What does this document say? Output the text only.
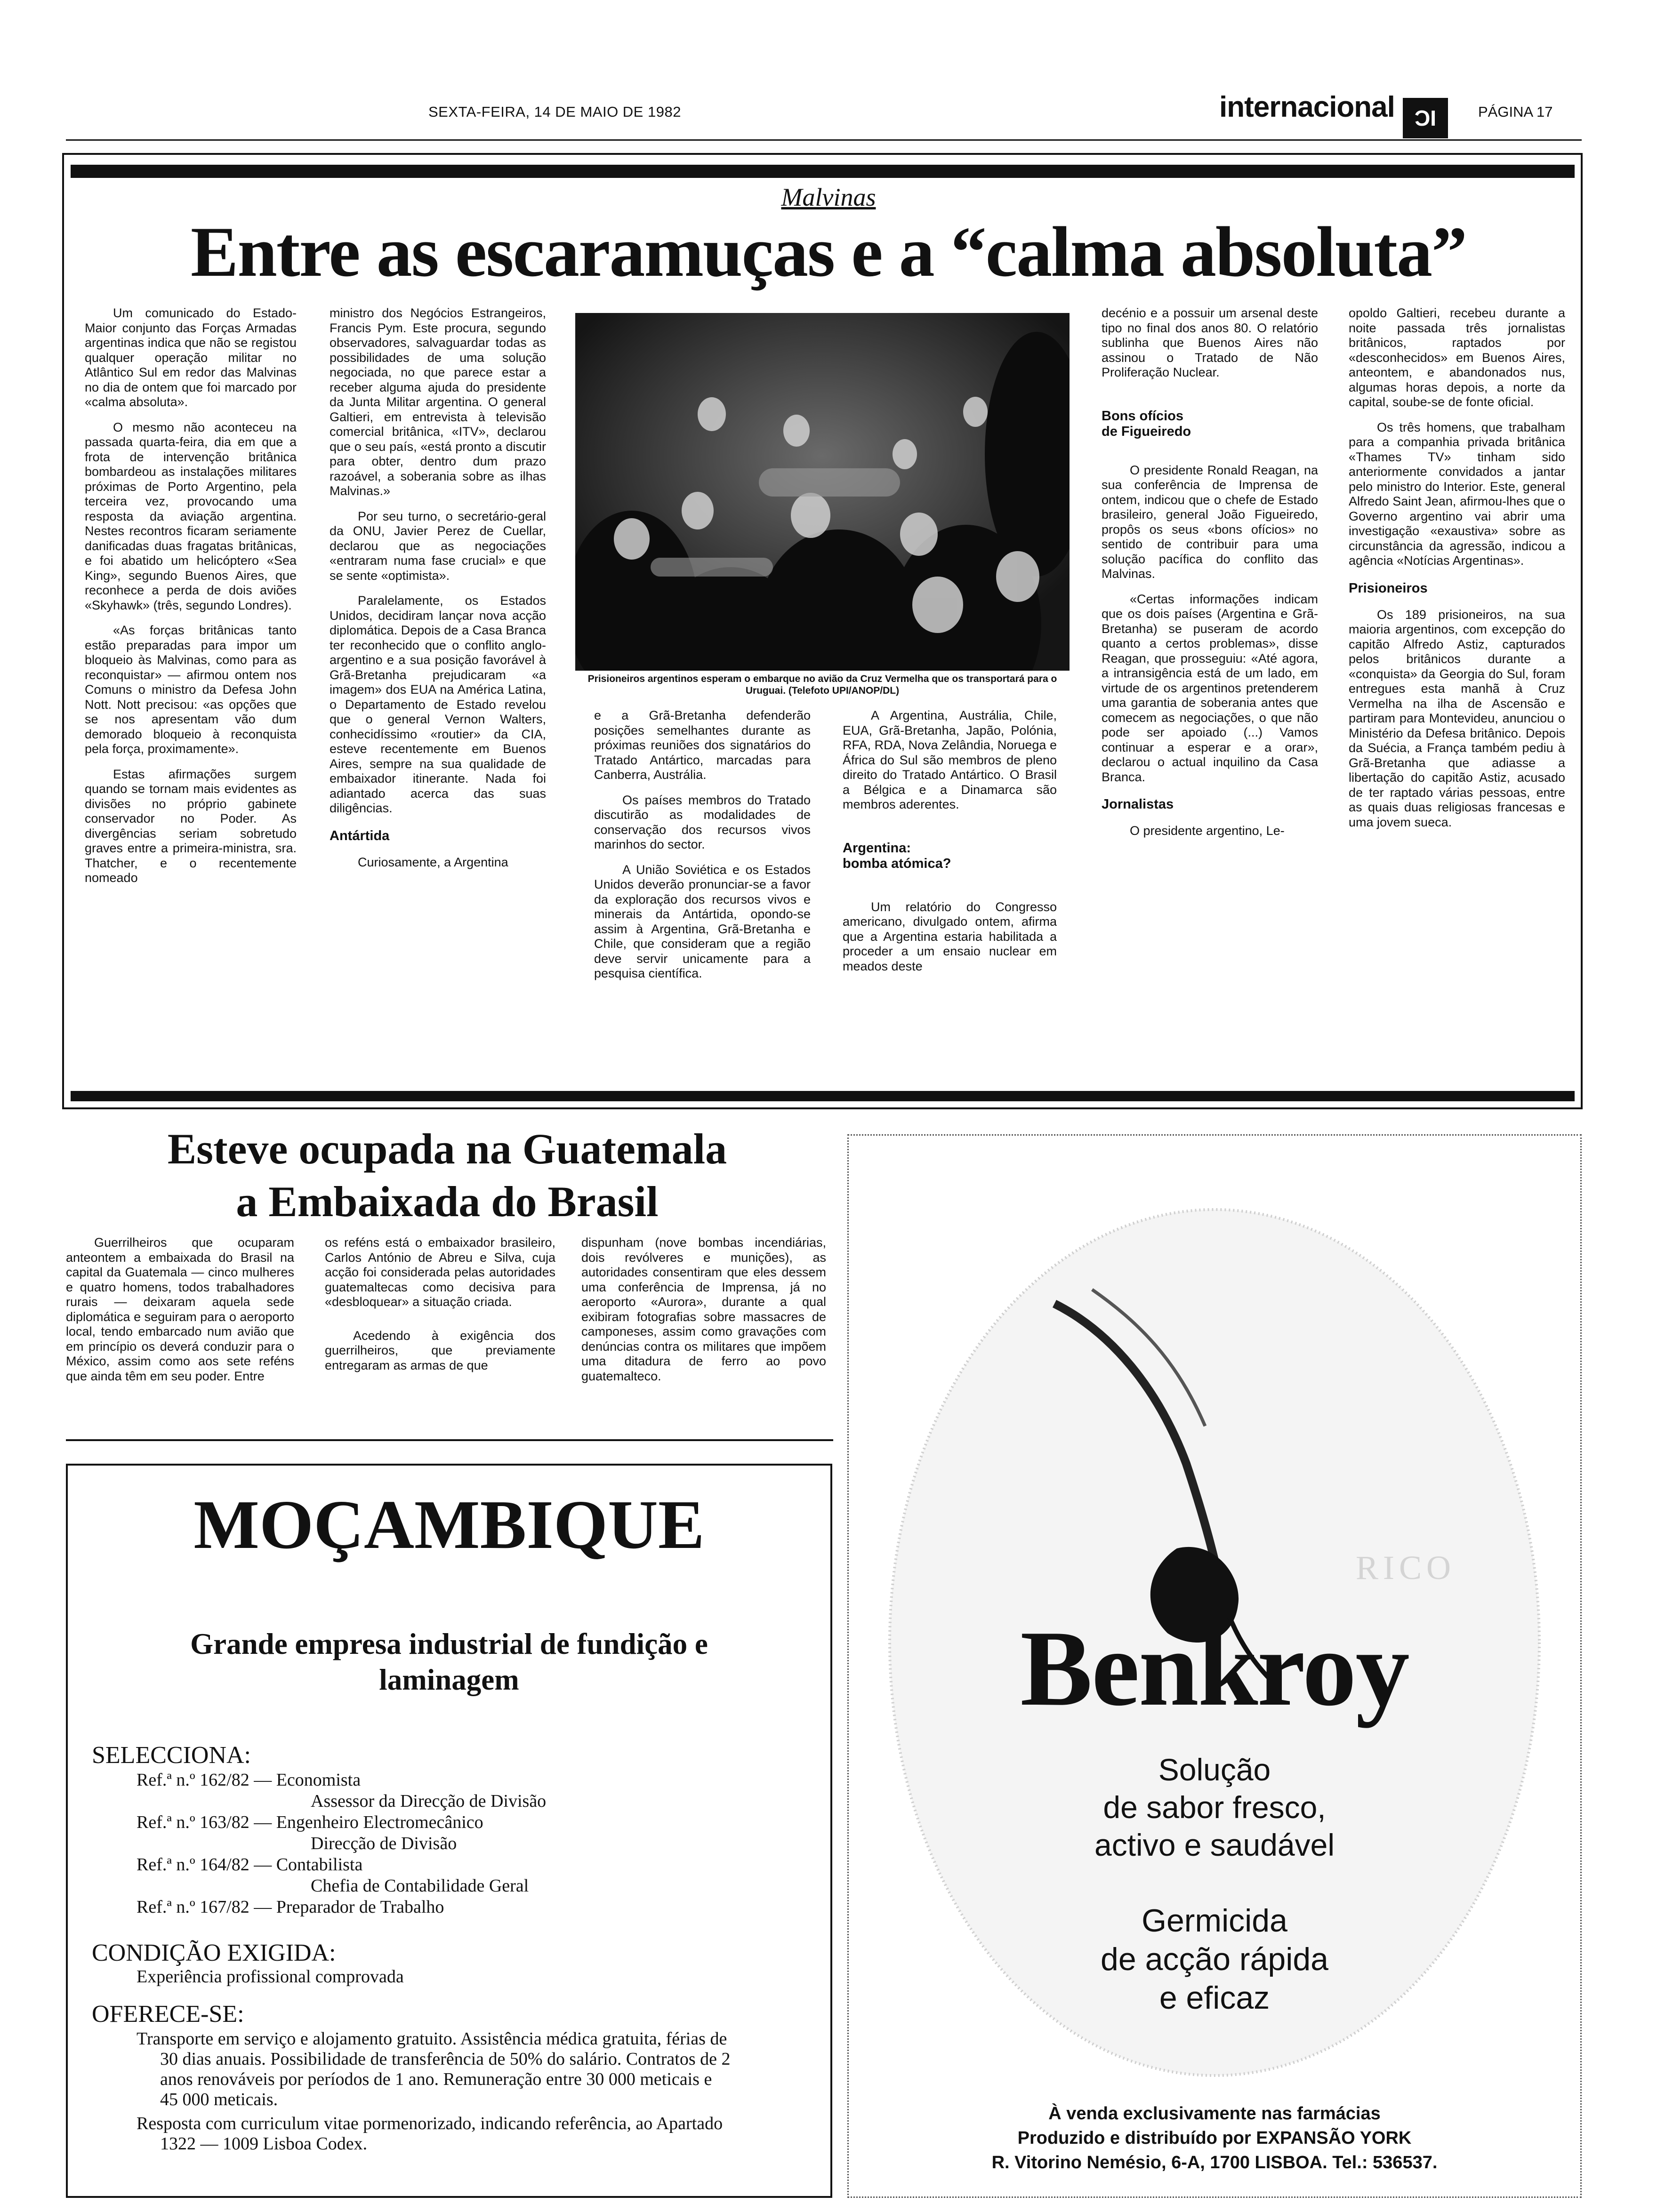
SEXTA-FEIRA, 14 DE MAIO DE 1982	internacional ƆƖ	PÁGINA 17
Malvinas
Entre as escaramuças e a “calma absoluta”

Um comunicado do Estado-Maior conjunto das Forças Armadas argentinas indica que não se registou qualquer operação militar no Atlântico Sul em redor das Malvinas no dia de ontem que foi marcado por «calma absoluta».

O mesmo não aconteceu na passada quarta-feira, dia em que a frota de intervenção britânica bombardeou as instalações militares próximas de Porto Argentino, pela terceira vez, provocando uma resposta da aviação argentina. Nestes recontros ficaram seriamente danificadas duas fragatas britânicas, e foi abatido um helicóptero «Sea King», segundo Buenos Aires, que reconhece a perda de dois aviões «Skyhawk» (três, segundo Londres).

«As forças britânicas tanto estão preparadas para impor um bloqueio às Malvinas, como para as reconquistar» — afirmou ontem nos Comuns o ministro da Defesa John Nott. Nott precisou: «as opções que se nos apresentam vão dum demorado bloqueio à reconquista pela força, proximamente».

Estas afirmações surgem quando se tornam mais evidentes as divisões no próprio gabinete conservador no Poder. As divergências seriam sobretudo graves entre a primeira-ministra, sra. Thatcher, e o recentemente nomeado

ministro dos Negócios Estrangeiros, Francis Pym. Este procura, segundo observadores, salvaguardar todas as possibilidades de uma solução negociada, no que parece estar a receber alguma ajuda do presidente da Junta Militar argentina. O general Galtieri, em entrevista à televisão comercial britânica, «ITV», declarou que o seu país, «está pronto a discutir para obter, dentro dum prazo razoável, a soberania sobre as ilhas Malvinas.»

Por seu turno, o secretário-geral da ONU, Javier Perez de Cuellar, declarou que as negociações «entraram numa fase crucial» e que se sente «optimista».

Paralelamente, os Estados Unidos, decidiram lançar nova acção diplomática. Depois de a Casa Branca ter reconhecido que o conflito anglo-argentino e a sua posição favorável à Grã-Bretanha prejudicaram «a imagem» dos EUA na América Latina, o Departamento de Estado revelou que o general Vernon Walters, conhecidíssimo «routier» da CIA, esteve recentemente em Buenos Aires, sempre na sua qualidade de embaixador itinerante. Nada foi adiantado acerca das suas diligências.

Antártida

Curiosamente, a Argentina

Prisioneiros argentinos esperam o embarque no avião da Cruz Vermelha que os transportará para o Uruguai. (Telefoto UPI/ANOP/DL)

e a Grã-Bretanha defenderão posições semelhantes durante as próximas reuniões dos signatários do Tratado Antártico, marcadas para Canberra, Austrália.

Os países membros do Tratado discutirão as modalidades de conservação dos recursos vivos marinhos do sector.

A União Soviética e os Estados Unidos deverão pronunciar-se a favor da exploração dos recursos vivos e minerais da Antártida, opondo-se assim à Argentina, Grã-Bretanha e Chile, que consideram que a região deve servir unicamente para a pesquisa científica.

A Argentina, Austrália, Chile, EUA, Grã-Bretanha, Japão, Polónia, RFA, RDA, Nova Zelândia, Noruega e África do Sul são membros de pleno direito do Tratado Antártico. O Brasil a Bélgica e a Dinamarca são membros aderentes.

Argentina:
bomba atómica?

Um relatório do Congresso americano, divulgado ontem, afirma que a Argentina estaria habilitada a proceder a um ensaio nuclear em meados deste

decénio e a possuir um arsenal deste tipo no final dos anos 80. O relatório sublinha que Buenos Aires não assinou o Tratado de Não Proliferação Nuclear.

Bons ofícios
de Figueiredo

O presidente Ronald Reagan, na sua conferência de Imprensa de ontem, indicou que o chefe de Estado brasileiro, general João Figueiredo, propôs os seus «bons ofícios» no sentido de contribuir para uma solução pacífica do conflito das Malvinas.

«Certas informações indicam que os dois países (Argentina e Grã-Bretanha) se puseram de acordo quanto a certos problemas», disse Reagan, que prosseguiu: «Até agora, a intransigência está de um lado, em virtude de os argentinos pretenderem uma garantia de soberania antes que comecem as negociações, o que não pode ser apoiado (...) Vamos continuar a esperar e a orar», declarou o actual inquilino da Casa Branca.

Jornalistas

O presidente argentino, Le-

opoldo Galtieri, recebeu durante a noite passada três jornalistas britânicos, raptados por «desconhecidos» em Buenos Aires, anteontem, e abandonados nus, algumas horas depois, a norte da capital, soube-se de fonte oficial.

Os três homens, que trabalham para a companhia privada britânica «Thames TV» tinham sido anteriormente convidados a jantar pelo ministro do Interior. Este, general Alfredo Saint Jean, afirmou-lhes que o Governo argentino vai abrir uma investigação «exaustiva» sobre as circunstância da agressão, indicou a agência «Notícias Argentinas».

Prisioneiros

Os 189 prisioneiros, na sua maioria argentinos, com excepção do capitão Alfredo Astiz, capturados pelos britânicos durante a «conquista» da Georgia do Sul, foram entregues esta manhã à Cruz Vermelha na ilha de Ascensão e partiram para Montevideu, anunciou o Ministério da Defesa britânico. Depois da Suécia, a França também pediu à Grã-Bretanha que adiasse a libertação do capitão Astiz, acusado de ter raptado várias pessoas, entre as quais duas religiosas francesas e uma jovem sueca.

Esteve ocupada na Guatemala
a Embaixada do Brasil

Guerrilheiros que ocuparam anteontem a embaixada do Brasil na capital da Guatemala — cinco mulheres e quatro homens, todos trabalhadores rurais — deixaram aquela sede diplomática e seguiram para o aeroporto local, tendo embarcado num avião que em princípio os deverá conduzir para o México, assim como aos sete reféns que ainda têm em seu poder. Entre

os reféns está o embaixador brasileiro, Carlos António de Abreu e Silva, cuja acção foi considerada pelas autoridades guatemaltecas como decisiva para «desbloquear» a situação criada.

Acedendo à exigência dos guerrilheiros, que previamente entregaram as armas de que

dispunham (nove bombas incendiárias, dois revólveres e munições), as autoridades consentiram que eles dessem uma conferência de Imprensa, já no aeroporto «Aurora», durante a qual exibiram fotografias sobre massacres de camponeses, assim como gravações com denúncias contra os militares que impõem uma ditadura de ferro ao povo guatemalteco.

MOÇAMBIQUE
Grande empresa industrial de fundição e
laminagem
SELECCIONA:
Ref.ª n.º 162/82 — Economista
Assessor da Direcção de Divisão
Ref.ª n.º 163/82 — Engenheiro Electromecânico
Direcção de Divisão
Ref.ª n.º 164/82 — Contabilista
Chefia de Contabilidade Geral
Ref.ª n.º 167/82 — Preparador de Trabalho
CONDIÇÃO EXIGIDA:
Experiência profissional comprovada
OFERECE-SE:
Transporte em serviço e alojamento gratuito. Assistência médica gratuita, férias de
30 dias anuais. Possibilidade de transferência de 50% do salário. Contratos de 2
anos renováveis por períodos de 1 ano. Remuneração entre 30 000 meticais e
45 000 meticais.
Resposta com curriculum vitae pormenorizado, indicando referência, ao Apartado
1322 — 1009 Lisboa Codex.
RICO
Benkroy
Solução
de sabor fresco,
activo e saudável
Germicida
de acção rápida
e eficaz
À venda exclusivamente nas farmácias
Produzido e distribuído por EXPANSÃO YORK
R. Vitorino Nemésio, 6-A, 1700 LISBOA. Tel.: 536537.
